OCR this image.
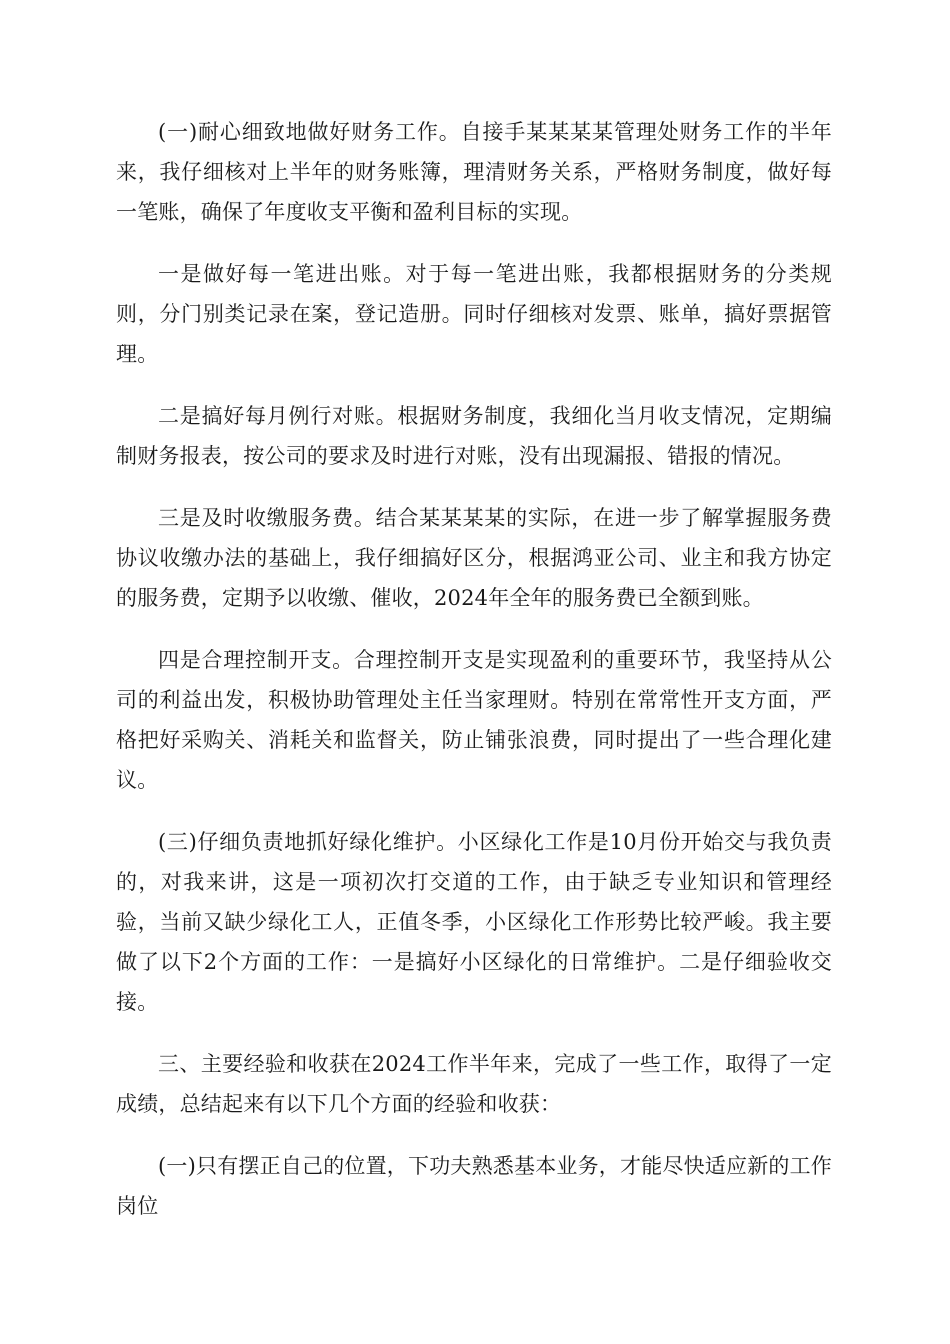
(一)耐心细致地做好财务工作。自接手某某某某管理处财务工作的半年来，我仔细核对上半年的财务账簿，理清财务关系，严格财务制度，做好每一笔账，确保了年度收支平衡和盈利目标的实现。

一是做好每一笔进出账。对于每一笔进出账，我都根据财务的分类规则，分门别类记录在案，登记造册。同时仔细核对发票、账单，搞好票据管理。

二是搞好每月例行对账。根据财务制度，我细化当月收支情况，定期编制财务报表，按公司的要求及时进行对账，没有出现漏报、错报的情况。

三是及时收缴服务费。结合某某某某的实际，在进一步了解掌握服务费协议收缴办法的基础上，我仔细搞好区分，根据鸿亚公司、业主和我方协定的服务费，定期予以收缴、催收，2024年全年的服务费已全额到账。

四是合理控制开支。合理控制开支是实现盈利的重要环节，我坚持从公司的利益出发，积极协助管理处主任当家理财。特别在常常性开支方面，严格把好采购关、消耗关和监督关，防止铺张浪费，同时提出了一些合理化建议。

(三)仔细负责地抓好绿化维护。小区绿化工作是10月份开始交与我负责的，对我来讲，这是一项初次打交道的工作，由于缺乏专业知识和管理经验，当前又缺少绿化工人，正值冬季，小区绿化工作形势比较严峻。我主要做了以下2个方面的工作：一是搞好小区绿化的日常维护。二是仔细验收交接。

三、主要经验和收获在2024工作半年来，完成了一些工作，取得了一定成绩，总结起来有以下几个方面的经验和收获：

(一)只有摆正自己的位置，下功夫熟悉基本业务，才能尽快适应新的工作岗位
